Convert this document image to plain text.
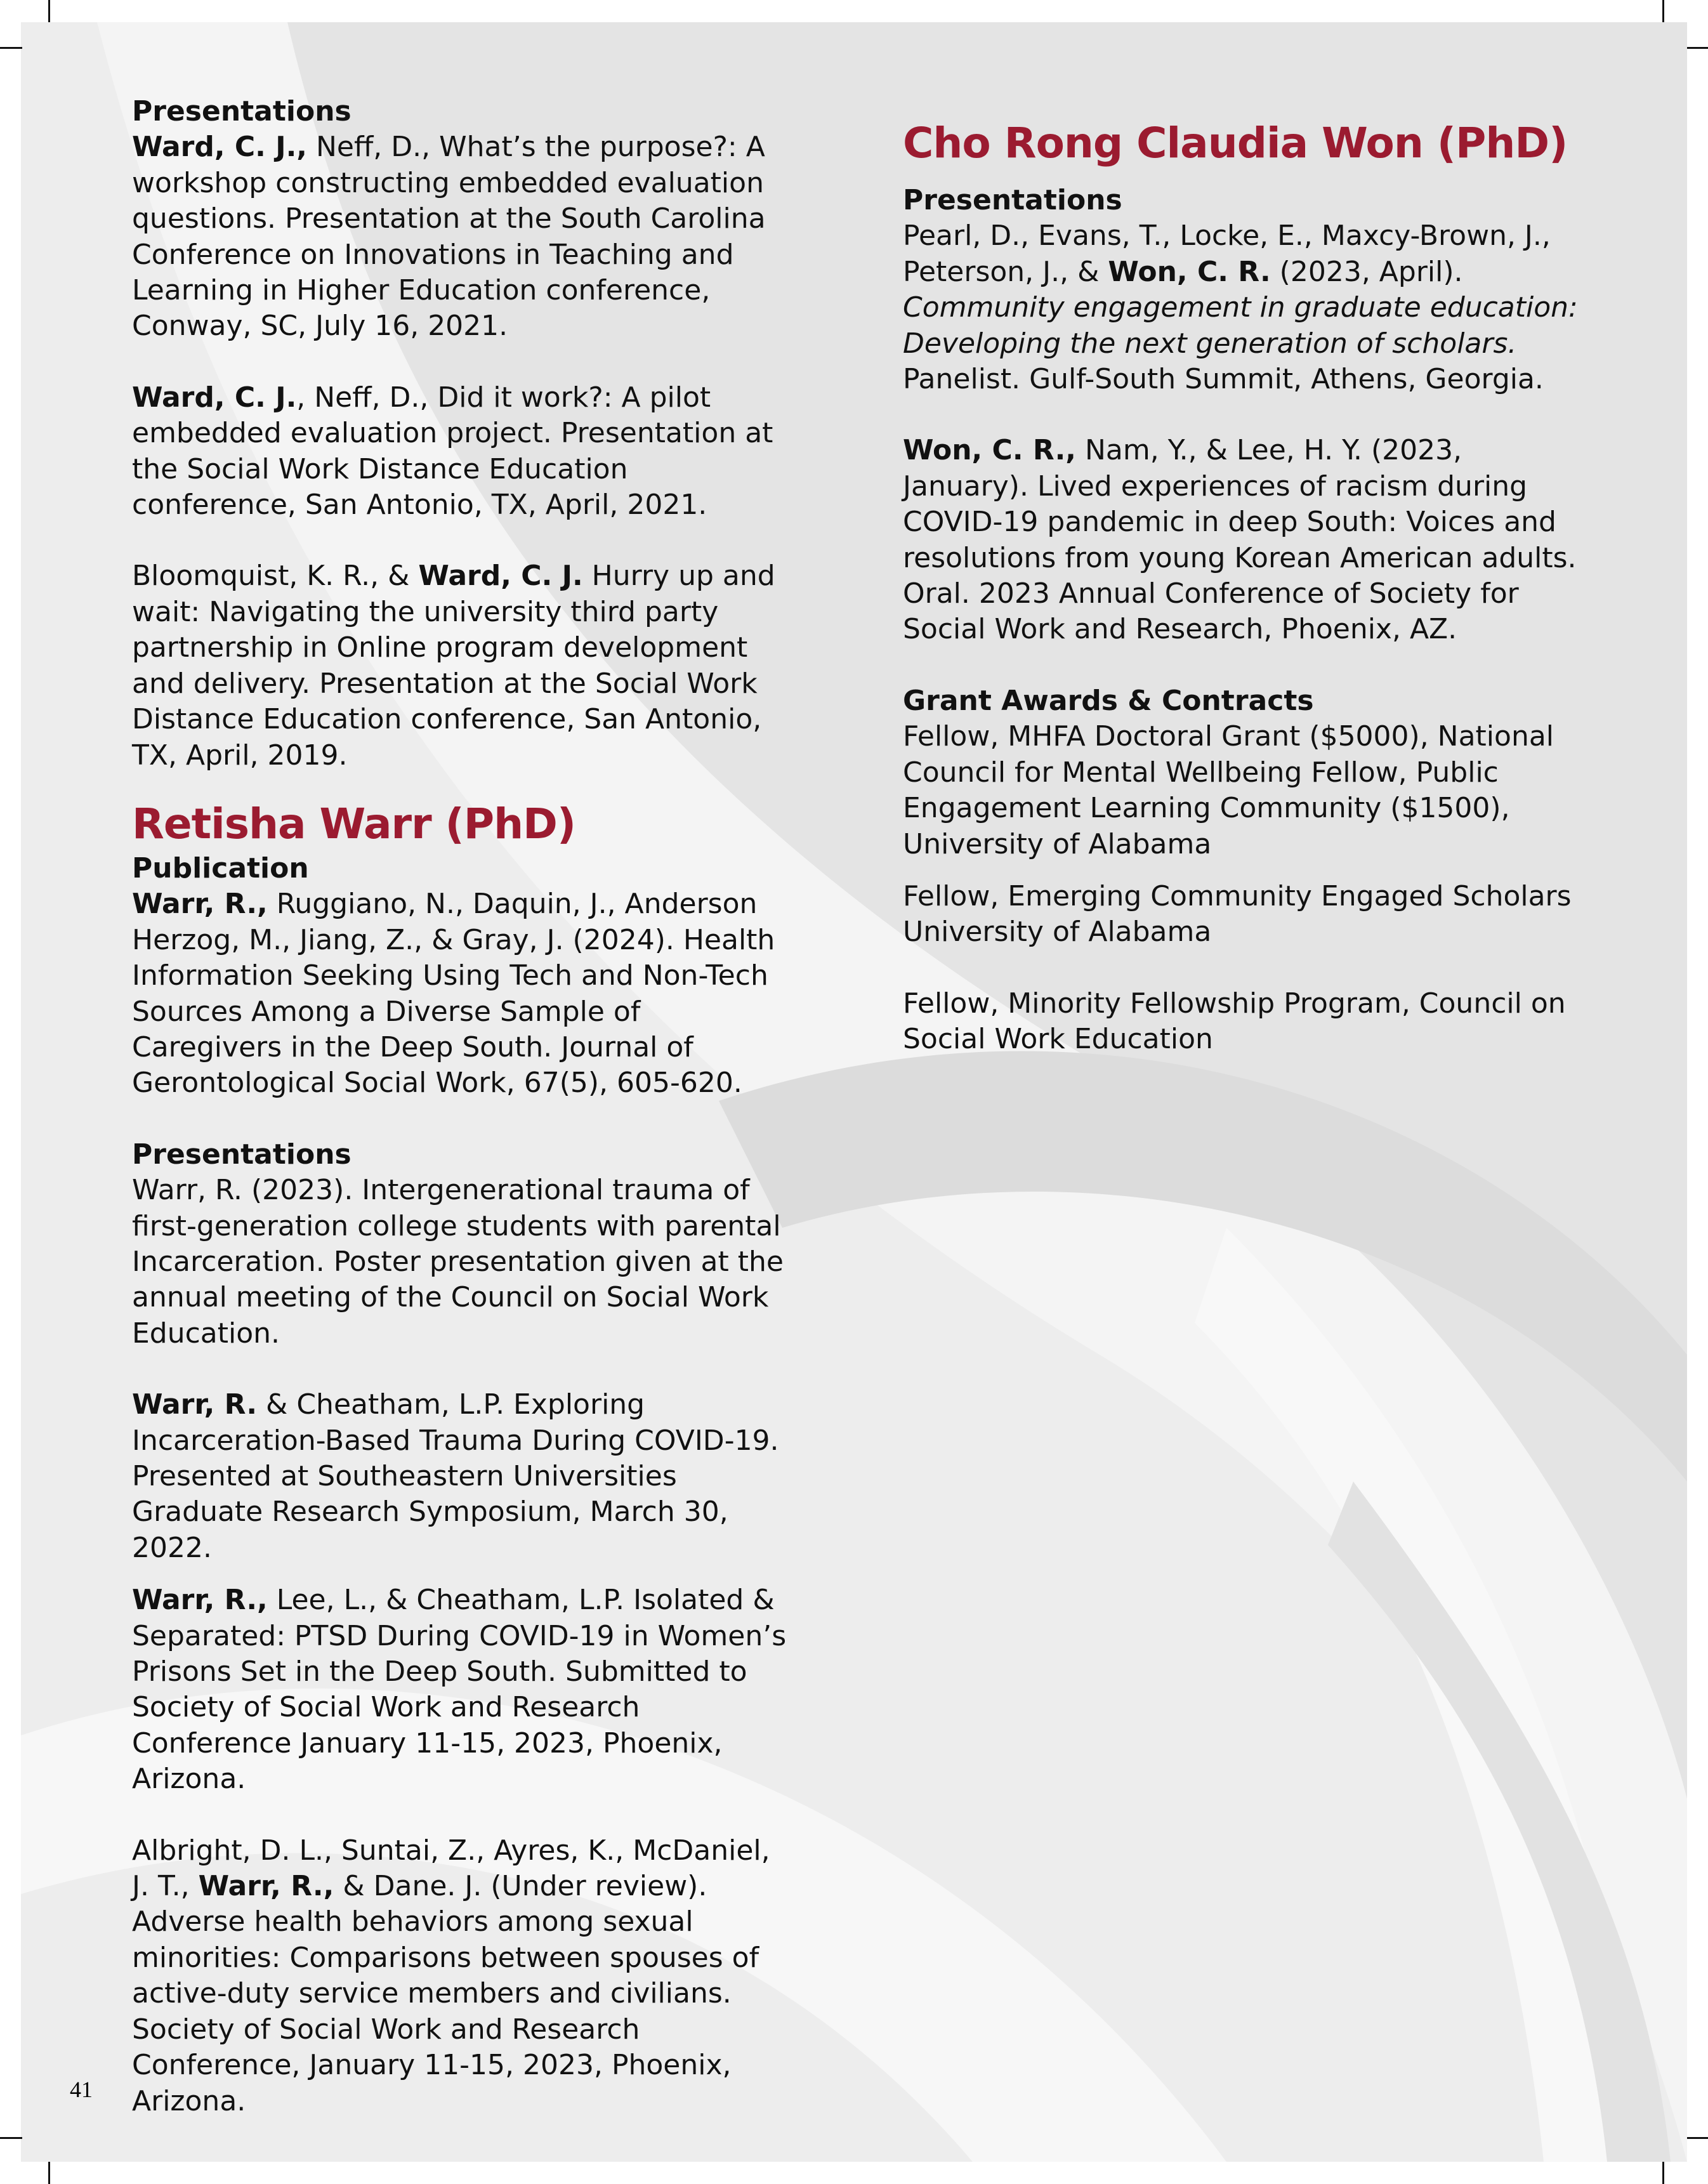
Presentations

Ward, C. J., Neff, D., What’s the purpose?: A workshop constructing embedded evaluation questions. Presentation at the South Carolina Conference on Innovations in Teaching and Learning in Higher Education conference, Conway, SC, July 16, 2021.

Ward, C. J., Neff, D., Did it work?: A pilot embedded evaluation project. Presentation at the Social Work Distance Education conference, San Antonio, TX, April, 2021.

Bloomquist, K. R., & Ward, C. J. Hurry up and wait: Navigating the university third party partnership in Online program development and delivery. Presentation at the Social Work Distance Education conference, San Antonio, TX, April, 2019.

Retisha Warr (PhD)
Publication

Warr, R., Ruggiano, N., Daquin, J., Anderson Herzog, M., Jiang, Z., & Gray, J. (2024). Health Information Seeking Using Tech and Non-Tech Sources Among a Diverse Sample of Caregivers in the Deep South. Journal of Gerontological Social Work, 67(5), 605-620.

Presentations

Warr, R. (2023). Intergenerational trauma of first-generation college students with parental Incarceration. Poster presentation given at the annual meeting of the Council on Social Work Education.

Warr, R. & Cheatham, L.P. Exploring Incarceration-Based Trauma During COVID-19. Presented at Southeastern Universities Graduate Research Symposium, March 30, 2022.

Warr, R., Lee, L., & Cheatham, L.P. Isolated & Separated: PTSD During COVID-19 in Women’s Prisons Set in the Deep South. Submitted to Society of Social Work and Research Conference January 11-15, 2023, Phoenix, Arizona.

Albright, D. L., Suntai, Z., Ayres, K., McDaniel, J. T., Warr, R., & Dane. J. (Under review). Adverse health behaviors among sexual minorities: Comparisons between spouses of active-duty service members and civilians. Society of Social Work and Research Conference, January 11-15, 2023, Phoenix, Arizona.

Cho Rong Claudia Won (PhD)
Presentations

Pearl, D., Evans, T., Locke, E., Maxcy-Brown, J., Peterson, J., & Won, C. R. (2023, April). Community engagement in graduate education: Developing the next generation of scholars. Panelist. Gulf-South Summit, Athens, Georgia.

Won, C. R., Nam, Y., & Lee, H. Y. (2023, January). Lived experiences of racism during COVID-19 pandemic in deep South: Voices and resolutions from young Korean American adults. Oral. 2023 Annual Conference of Society for Social Work and Research, Phoenix, AZ.

Grant Awards & Contracts

Fellow, MHFA Doctoral Grant ($5000), National Council for Mental Wellbeing Fellow, Public Engagement Learning Community ($1500), University of Alabama

Fellow, Emerging Community Engaged Scholars University of Alabama

Fellow, Minority Fellowship Program, Council on Social Work Education

41
